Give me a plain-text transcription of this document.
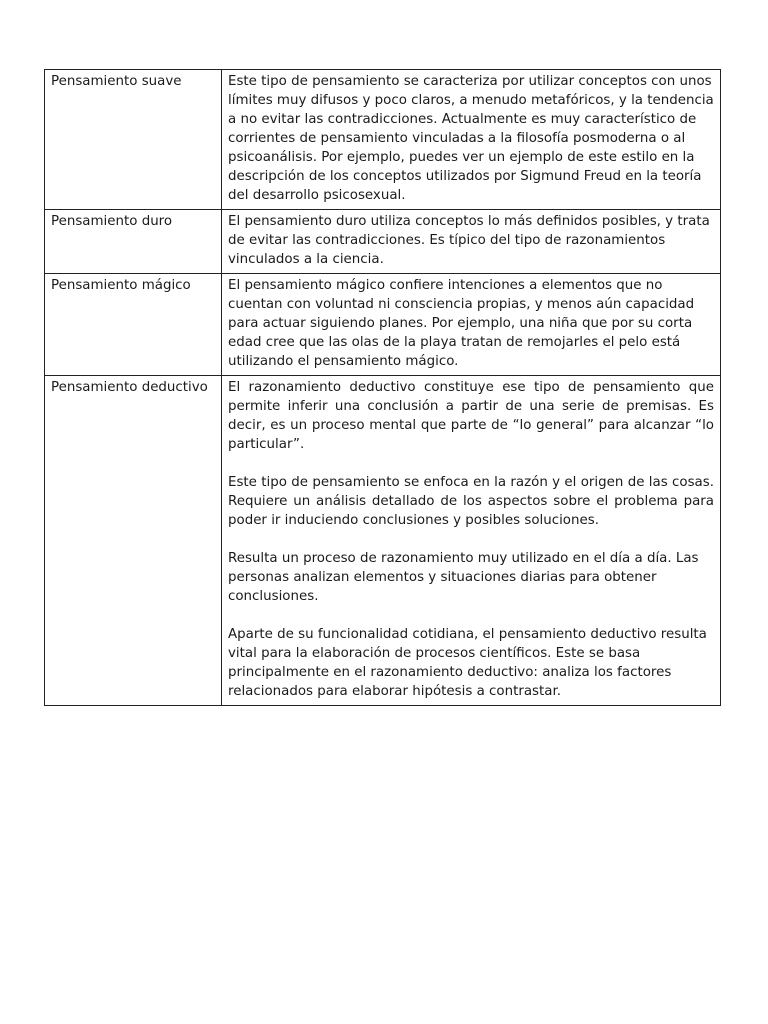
Pensamiento suave	Este tipo de pensamiento se caracteriza por utilizar conceptos con unos límites muy difusos y poco claros, a menudo metafóricos, y la tendencia a no evitar las contradicciones. Actualmente es muy característico de corrientes de pensamiento vinculadas a la filosofía posmoderna o al psicoanálisis. Por ejemplo, puedes ver un ejemplo de este estilo en la descripción de los conceptos utilizados por Sigmund Freud en la teoría del desarrollo psicosexual.

Pensamiento duro	El pensamiento duro utiliza conceptos lo más definidos posibles, y trata de evitar las contradicciones. Es típico del tipo de razonamientos vinculados a la ciencia.

Pensamiento mágico	El pensamiento mágico confiere intenciones a elementos que no cuentan con voluntad ni consciencia propias, y menos aún capacidad para actuar siguiendo planes. Por ejemplo, una niña que por su corta edad cree que las olas de la playa tratan de remojarles el pelo está utilizando el pensamiento mágico.

Pensamiento deductivo	El razonamiento deductivo constituye ese tipo de pensamiento que permite inferir una conclusión a partir de una serie de premisas. Es decir, es un proceso mental que parte de “lo general” para alcanzar “lo particular”.

Este tipo de pensamiento se enfoca en la razón y el origen de las cosas. Requiere un análisis detallado de los aspectos sobre el problema para poder ir induciendo conclusiones y posibles soluciones.

Resulta un proceso de razonamiento muy utilizado en el día a día. Las personas analizan elementos y situaciones diarias para obtener conclusiones.

Aparte de su funcionalidad cotidiana, el pensamiento deductivo resulta vital para la elaboración de procesos científicos. Este se basa principalmente en el razonamiento deductivo: analiza los factores relacionados para elaborar hipótesis a contrastar.
